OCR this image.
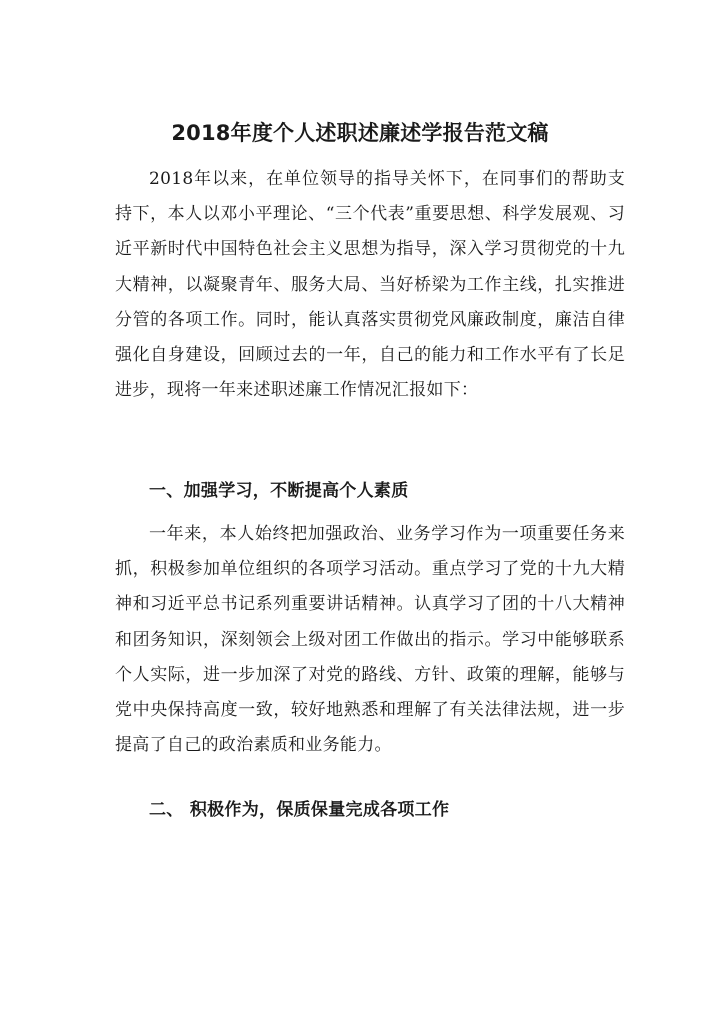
2018年度个人述职述廉述学报告范文稿

2018年以来，在单位领导的指导关怀下，在同事们的帮助支持下，本人以邓小平理论、“三个代表”重要思想、科学发展观、习近平新时代中国特色社会主义思想为指导，深入学习贯彻党的十九大精神，以凝聚青年、服务大局、当好桥梁为工作主线，扎实推进分管的各项工作。同时，能认真落实贯彻党风廉政制度，廉洁自律强化自身建设，回顾过去的一年，自己的能力和工作水平有了长足进步，现将一年来述职述廉工作情况汇报如下：

一、加强学习，不断提高个人素质

一年来，本人始终把加强政治、业务学习作为一项重要任务来抓，积极参加单位组织的各项学习活动。重点学习了党的十九大精神和习近平总书记系列重要讲话精神。认真学习了团的十八大精神和团务知识，深刻领会上级对团工作做出的指示。学习中能够联系个人实际，进一步加深了对党的路线、方针、政策的理解，能够与党中央保持高度一致，较好地熟悉和理解了有关法律法规，进一步提高了自己的政治素质和业务能力。

二、 积极作为，保质保量完成各项工作
